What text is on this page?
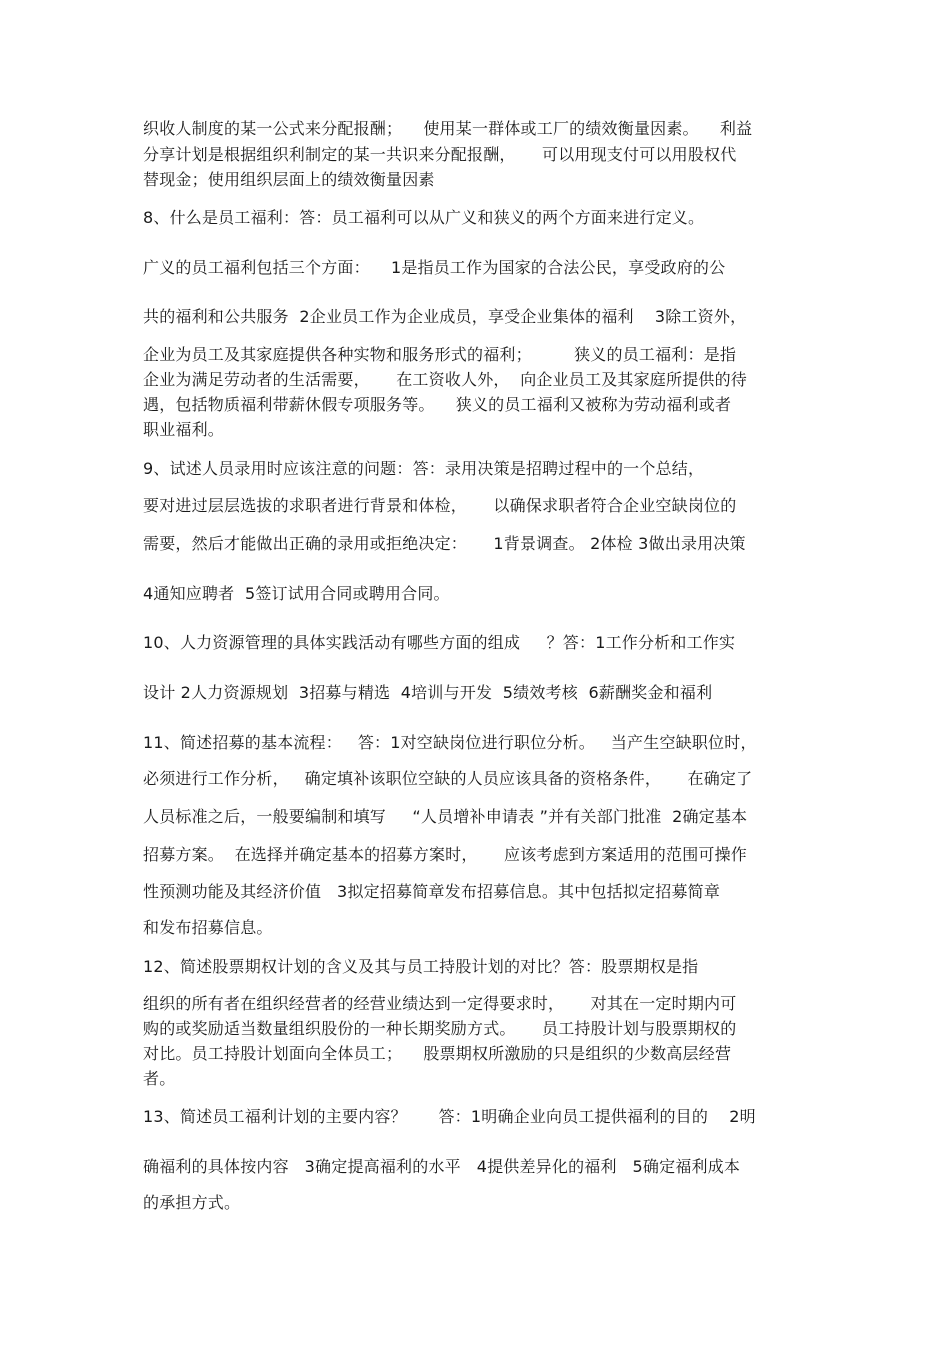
织收人制度的某一公式来分配报酬；    使用某一群体或工厂的绩效衡量因素。    利益
分享计划是根据组织利制定的某一共识来分配报酬，     可以用现支付可以用股权代
替现金；使用组织层面上的绩效衡量因素
8、什么是员工福利：答：员工福利可以从广义和狭义的两个方面来进行定义。
广义的员工福利包括三个方面：    1是指员工作为国家的合法公民，享受政府的公
共的福利和公共服务  2企业员工作为企业成员，享受企业集体的福利    3除工资外，
企业为员工及其家庭提供各种实物和服务形式的福利；        狭义的员工福利：是指
企业为满足劳动者的生活需要，     在工资收人外，  向企业员工及其家庭所提供的待
遇，包括物质福利带薪休假专项服务等。    狭义的员工福利又被称为劳动福利或者
职业福利。
9、试述人员录用时应该注意的问题：答：录用决策是招聘过程中的一个总结，
要对进过层层选拔的求职者进行背景和体检，     以确保求职者符合企业空缺岗位的
需要，然后才能做出正确的录用或拒绝决定：     1背景调查。 2体检 3做出录用决策
4通知应聘者  5签订试用合同或聘用合同。
10、人力资源管理的具体实践活动有哪些方面的组成     ？答：1工作分析和工作实
设计 2人力资源规划  3招募与精选  4培训与开发  5绩效考核  6薪酬奖金和福利
11、简述招募的基本流程：   答：1对空缺岗位进行职位分析。   当产生空缺职位时，
必须进行工作分析，   确定填补该职位空缺的人员应该具备的资格条件，     在确定了
人员标准之后，一般要编制和填写     “人员增补申请表 ”并有关部门批准  2确定基本
招募方案。  在选择并确定基本的招募方案时，     应该考虑到方案适用的范围可操作
性预测功能及其经济价值   3拟定招募简章发布招募信息。其中包括拟定招募简章
和发布招募信息。
12、简述股票期权计划的含义及其与员工持股计划的对比？答：股票期权是指
组织的所有者在组织经营者的经营业绩达到一定得要求时，     对其在一定时期内可
购的或奖励适当数量组织股份的一种长期奖励方式。     员工持股计划与股票期权的
对比。员工持股计划面向全体员工；    股票期权所激励的只是组织的少数高层经营
者。
13、简述员工福利计划的主要内容？      答：1明确企业向员工提供福利的目的    2明
确福利的具体按内容   3确定提高福利的水平   4提供差异化的福利   5确定福利成本
的承担方式。
